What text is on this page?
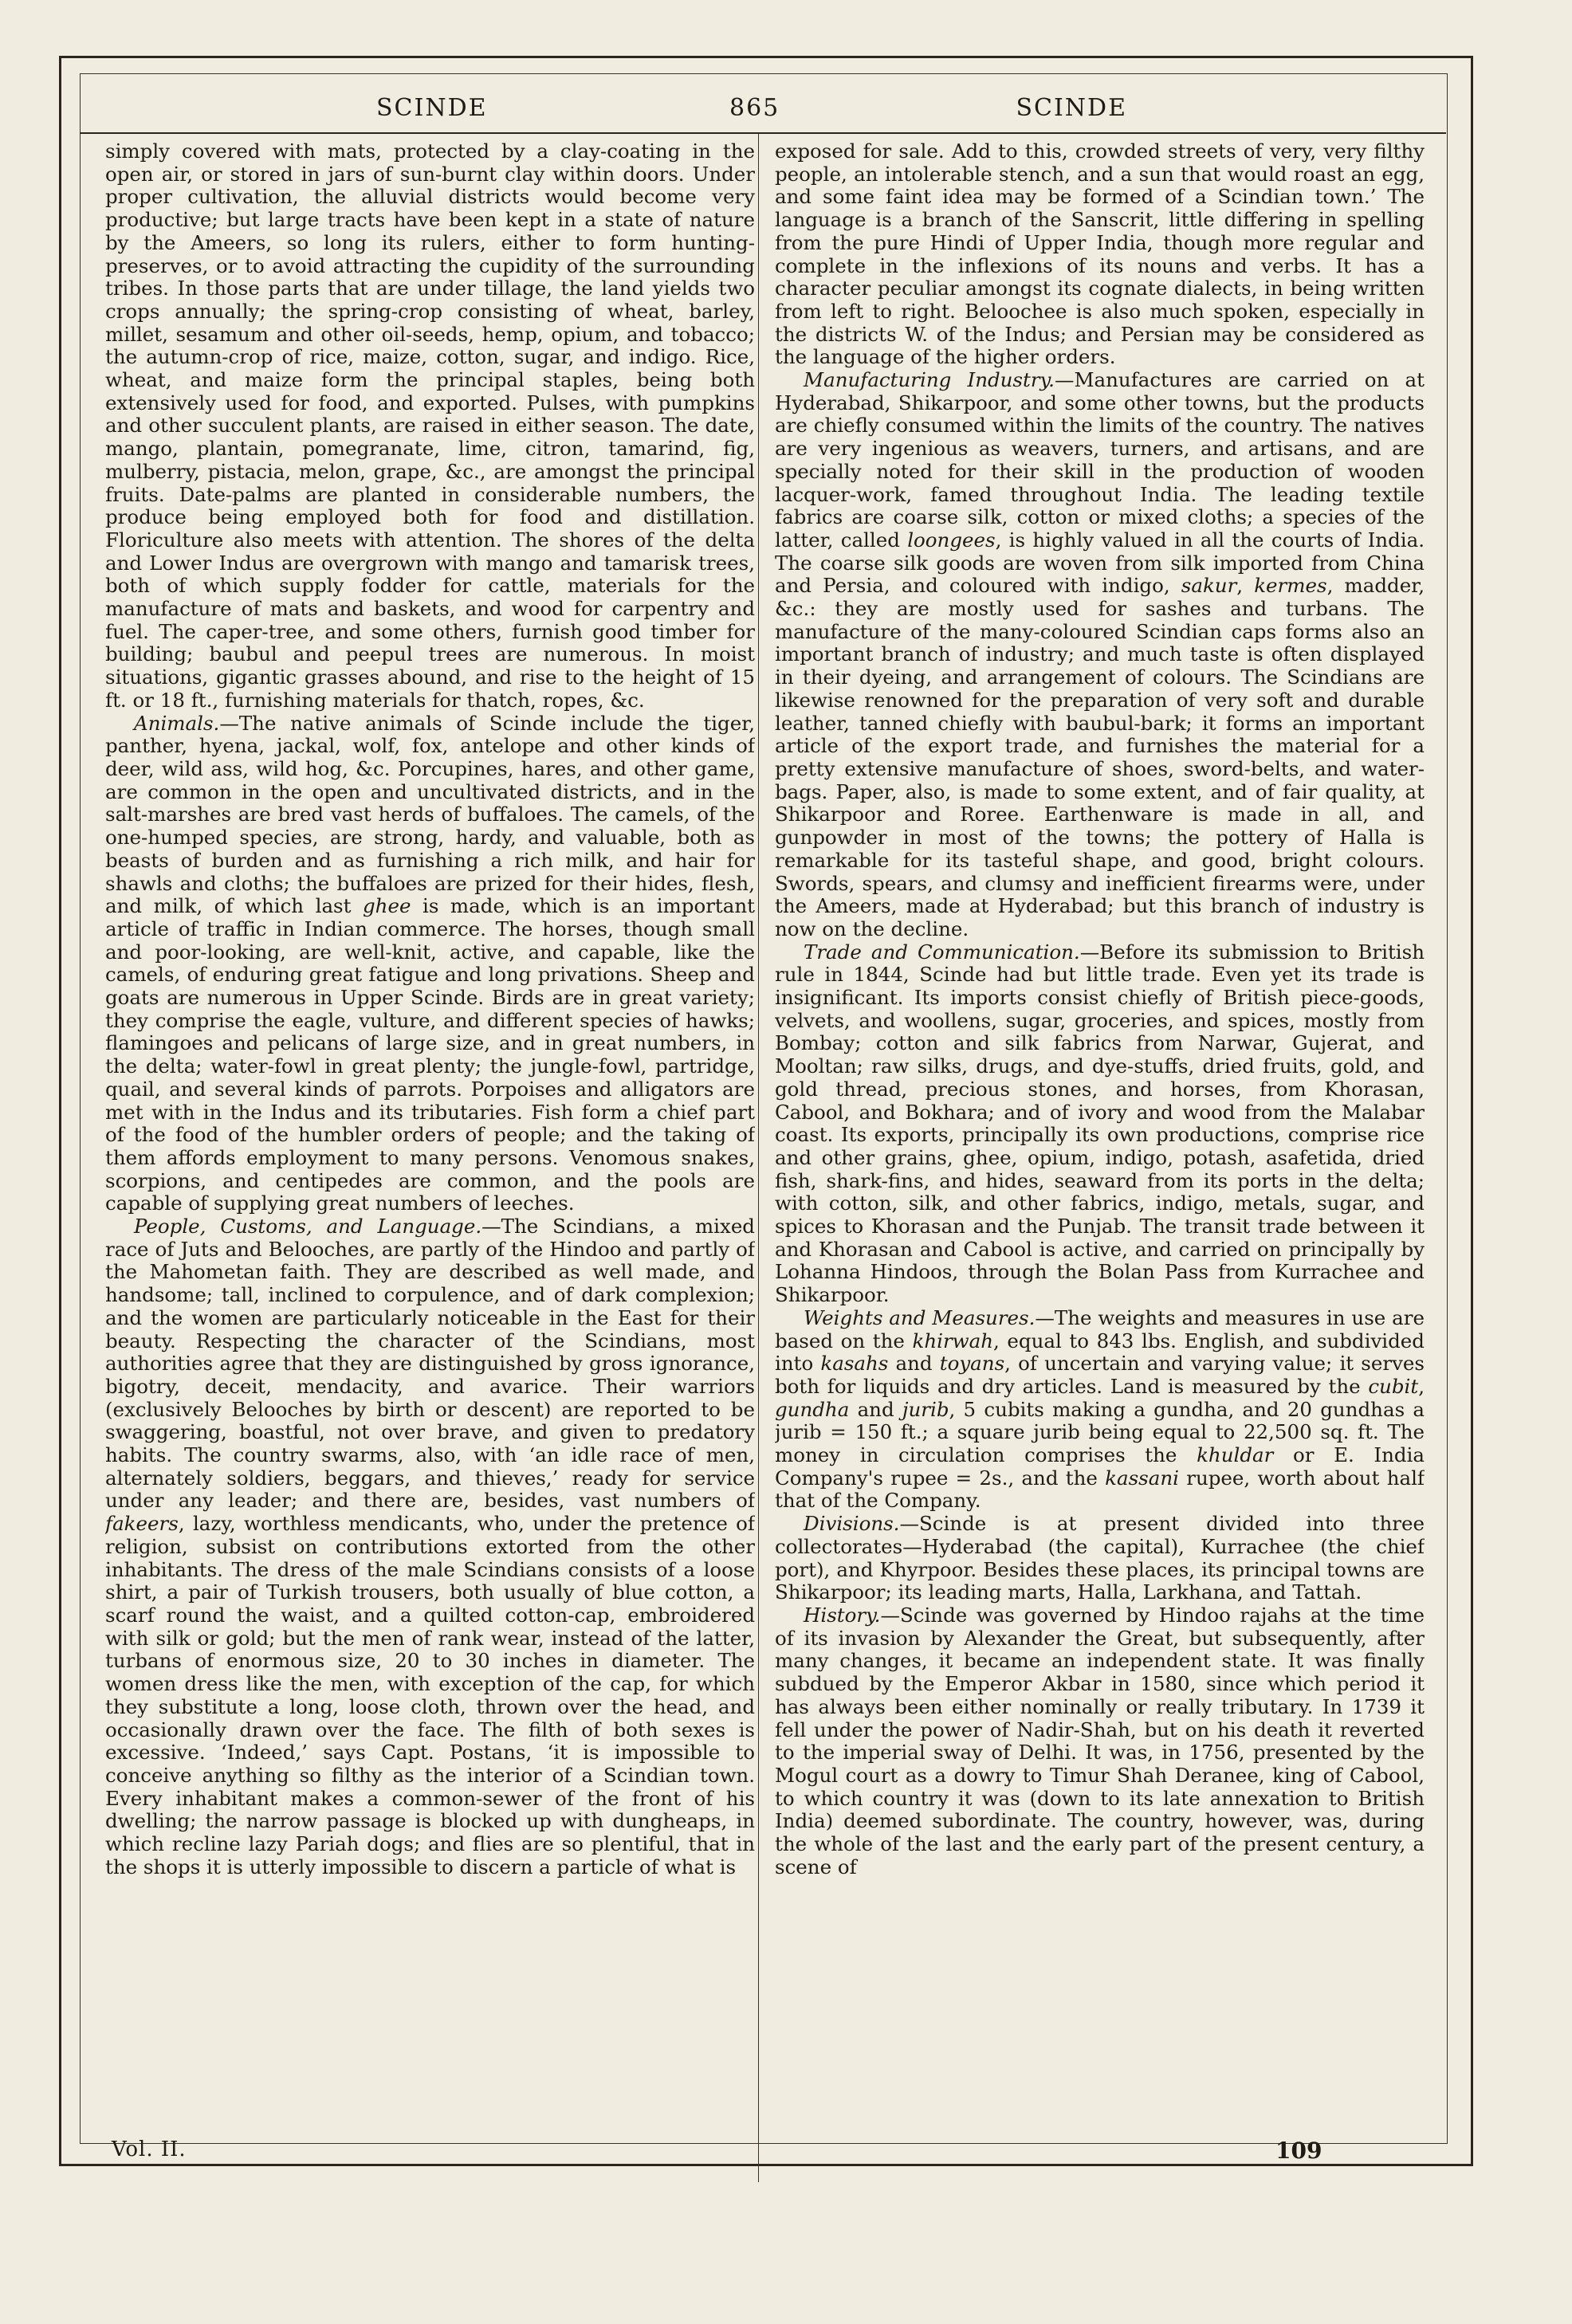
SCINDE	865	SCINDE

simply covered with mats, protected by a clay-coating in the open air, or stored in jars of sun-burnt clay within doors. Under proper cultivation, the alluvial districts would become very productive; but large tracts have been kept in a state of nature by the Ameers, so long its rulers, either to form hunting-preserves, or to avoid attracting the cupidity of the surrounding tribes. In those parts that are under tillage, the land yields two crops annually; the spring-crop consisting of wheat, barley, millet, sesamum and other oil-seeds, hemp, opium, and tobacco; the autumn-crop of rice, maize, cotton, sugar, and indigo. Rice, wheat, and maize form the principal staples, being both extensively used for food, and exported. Pulses, with pumpkins and other succulent plants, are raised in either season. The date, mango, plantain, pomegranate, lime, citron, tamarind, fig, mulberry, pistacia, melon, grape, &c., are amongst the principal fruits. Date-palms are planted in considerable numbers, the produce being employed both for food and distillation. Floriculture also meets with attention. The shores of the delta and Lower Indus are overgrown with mango and tamarisk trees, both of which supply fodder for cattle, materials for the manufacture of mats and baskets, and wood for carpentry and fuel. The caper-tree, and some others, furnish good timber for building; baubul and peepul trees are numerous. In moist situations, gigantic grasses abound, and rise to the height of 15 ft. or 18 ft., furnishing materials for thatch, ropes, &c.

Animals.—The native animals of Scinde include the tiger, panther, hyena, jackal, wolf, fox, antelope and other kinds of deer, wild ass, wild hog, &c. Porcupines, hares, and other game, are common in the open and uncultivated districts, and in the salt-marshes are bred vast herds of buffaloes. The camels, of the one-humped species, are strong, hardy, and valuable, both as beasts of burden and as furnishing a rich milk, and hair for shawls and cloths; the buffaloes are prized for their hides, flesh, and milk, of which last ghee is made, which is an important article of traffic in Indian commerce. The horses, though small and poor-looking, are well-knit, active, and capable, like the camels, of enduring great fatigue and long privations. Sheep and goats are numerous in Upper Scinde. Birds are in great variety; they comprise the eagle, vulture, and different species of hawks; flamingoes and pelicans of large size, and in great numbers, in the delta; water-fowl in great plenty; the jungle-fowl, partridge, quail, and several kinds of parrots. Porpoises and alligators are met with in the Indus and its tributaries. Fish form a chief part of the food of the humbler orders of people; and the taking of them affords employment to many persons. Venomous snakes, scorpions, and centipedes are common, and the pools are capable of supplying great numbers of leeches.

People, Customs, and Language.—The Scindians, a mixed race of Juts and Belooches, are partly of the Hindoo and partly of the Mahometan faith. They are described as well made, and handsome; tall, inclined to corpulence, and of dark complexion; and the women are particularly noticeable in the East for their beauty. Respecting the character of the Scindians, most authorities agree that they are distinguished by gross ignorance, bigotry, deceit, mendacity, and avarice. Their warriors (exclusively Belooches by birth or descent) are reported to be swaggering, boastful, not over brave, and given to predatory habits. The country swarms, also, with ‘an idle race of men, alternately soldiers, beggars, and thieves,’ ready for service under any leader; and there are, besides, vast numbers of fakeers, lazy, worthless mendicants, who, under the pretence of religion, subsist on contributions extorted from the other inhabitants. The dress of the male Scindians consists of a loose shirt, a pair of Turkish trousers, both usually of blue cotton, a scarf round the waist, and a quilted cotton-cap, embroidered with silk or gold; but the men of rank wear, instead of the latter, turbans of enormous size, 20 to 30 inches in diameter. The women dress like the men, with exception of the cap, for which they substitute a long, loose cloth, thrown over the head, and occasionally drawn over the face. The filth of both sexes is excessive. ‘Indeed,’ says Capt. Postans, ‘it is impossible to conceive anything so filthy as the interior of a Scindian town. Every inhabitant makes a common-sewer of the front of his dwelling; the narrow passage is blocked up with dungheaps, in which recline lazy Pariah dogs; and flies are so plentiful, that in the shops it is utterly impossible to discern a particle of what is

exposed for sale. Add to this, crowded streets of very, very filthy people, an intolerable stench, and a sun that would roast an egg, and some faint idea may be formed of a Scindian town.’ The language is a branch of the Sanscrit, little differing in spelling from the pure Hindi of Upper India, though more regular and complete in the inflexions of its nouns and verbs. It has a character peculiar amongst its cognate dialects, in being written from left to right. Beloochee is also much spoken, especially in the districts W. of the Indus; and Persian may be considered as the language of the higher orders.

Manufacturing Industry.—Manufactures are carried on at Hyderabad, Shikarpoor, and some other towns, but the products are chiefly consumed within the limits of the country. The natives are very ingenious as weavers, turners, and artisans, and are specially noted for their skill in the production of wooden lacquer-work, famed throughout India. The leading textile fabrics are coarse silk, cotton or mixed cloths; a species of the latter, called loongees, is highly valued in all the courts of India. The coarse silk goods are woven from silk imported from China and Persia, and coloured with indigo, sakur, kermes, madder, &c.: they are mostly used for sashes and turbans. The manufacture of the many-coloured Scindian caps forms also an important branch of industry; and much taste is often displayed in their dyeing, and arrangement of colours. The Scindians are likewise renowned for the preparation of very soft and durable leather, tanned chiefly with baubul-bark; it forms an important article of the export trade, and furnishes the material for a pretty extensive manufacture of shoes, sword-belts, and water-bags. Paper, also, is made to some extent, and of fair quality, at Shikarpoor and Roree. Earthenware is made in all, and gunpowder in most of the towns; the pottery of Halla is remarkable for its tasteful shape, and good, bright colours. Swords, spears, and clumsy and inefficient firearms were, under the Ameers, made at Hyderabad; but this branch of industry is now on the decline.

Trade and Communication.—Before its submission to British rule in 1844, Scinde had but little trade. Even yet its trade is insignificant. Its imports consist chiefly of British piece-goods, velvets, and woollens, sugar, groceries, and spices, mostly from Bombay; cotton and silk fabrics from Narwar, Gujerat, and Mooltan; raw silks, drugs, and dye-stuffs, dried fruits, gold, and gold thread, precious stones, and horses, from Khorasan, Cabool, and Bokhara; and of ivory and wood from the Malabar coast. Its exports, principally its own productions, comprise rice and other grains, ghee, opium, indigo, potash, asafetida, dried fish, shark-fins, and hides, seaward from its ports in the delta; with cotton, silk, and other fabrics, indigo, metals, sugar, and spices to Khorasan and the Punjab. The transit trade between it and Khorasan and Cabool is active, and carried on principally by Lohanna Hindoos, through the Bolan Pass from Kurrachee and Shikarpoor.

Weights and Measures.—The weights and measures in use are based on the khirwah, equal to 843 lbs. English, and subdivided into kasahs and toyans, of uncertain and varying value; it serves both for liquids and dry articles. Land is measured by the cubit, gundha and jurib, 5 cubits making a gundha, and 20 gundhas a jurib = 150 ft.; a square jurib being equal to 22,500 sq. ft. The money in circulation comprises the khuldar or E. India Company's rupee = 2s., and the kassani rupee, worth about half that of the Company.

Divisions.—Scinde is at present divided into three collectorates—Hyderabad (the capital), Kurrachee (the chief port), and Khyrpoor. Besides these places, its principal towns are Shikarpoor; its leading marts, Halla, Larkhana, and Tattah.

History.—Scinde was governed by Hindoo rajahs at the time of its invasion by Alexander the Great, but subsequently, after many changes, it became an independent state. It was finally subdued by the Emperor Akbar in 1580, since which period it has always been either nominally or really tributary. In 1739 it fell under the power of Nadir-Shah, but on his death it reverted to the imperial sway of Delhi. It was, in 1756, presented by the Mogul court as a dowry to Timur Shah Deranee, king of Cabool, to which country it was (down to its late annexation to British India) deemed subordinate. The country, however, was, during the whole of the last and the early part of the present century, a scene of

Vol. II.	109
